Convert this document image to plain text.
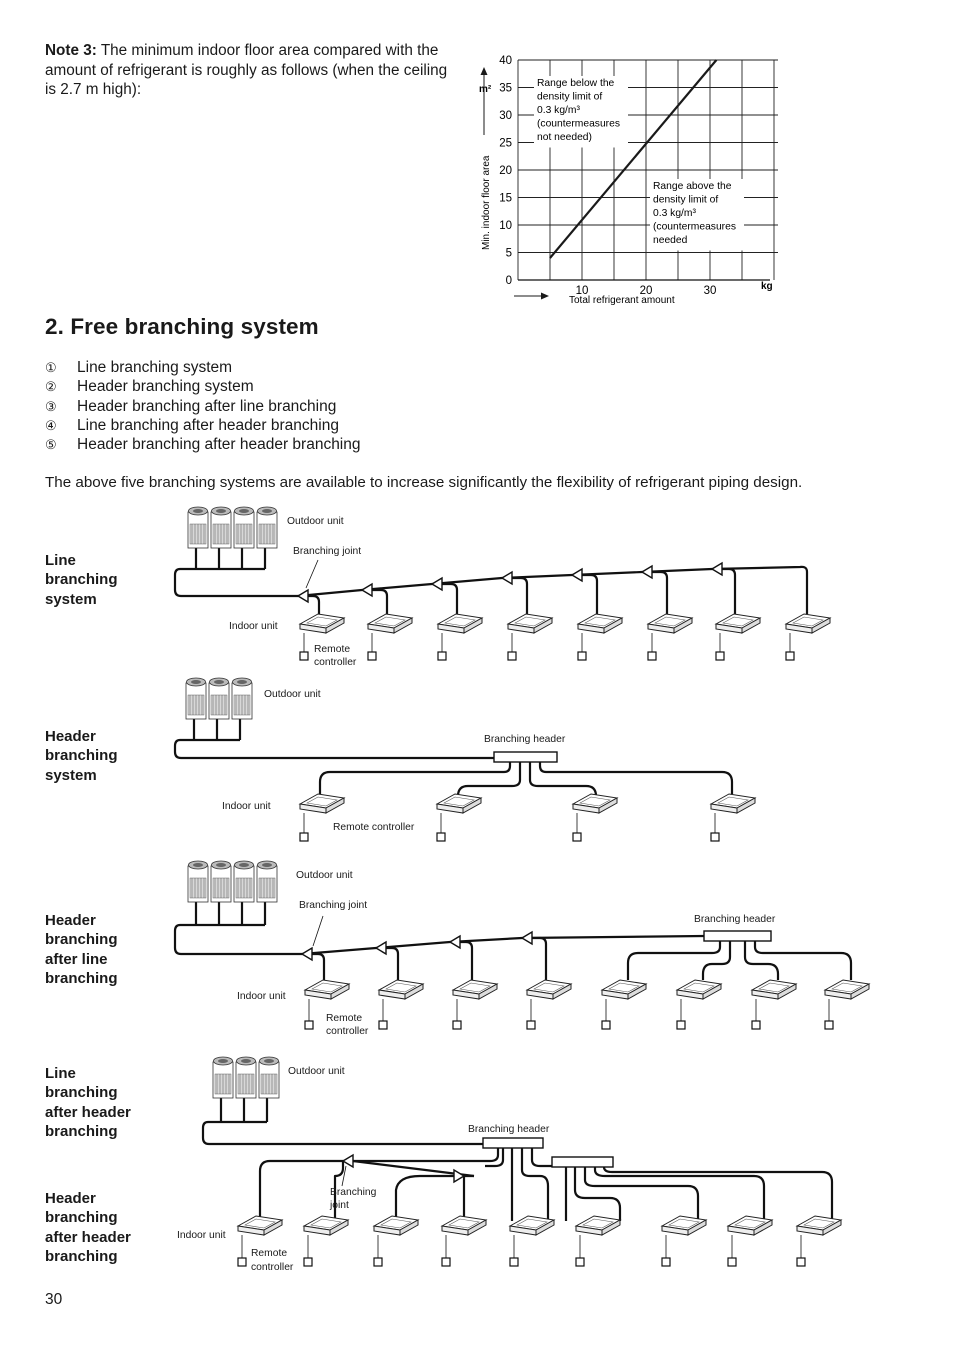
Note 3: The minimum indoor floor area compared with the amount of refrigerant is roughly as follows (when the ceiling is 2.7 m high):
0
5
10
15
20
25
30
35
40
10	20	30
m²
Min. indoor floor area
kg
Total refrigerant amount
Range below the
density limit of
0.3 kg/m³
(countermeasures
not needed)
Range above the
density limit of
0.3 kg/m³
(countermeasures
needed
2. Free branching system
①	Line branching system
②	Header branching system
③	Header branching after line branching
④	Line branching after header branching
⑤	Header branching after header branching
The above five branching systems are available to increase significantly the flexibility of refrigerant piping design.
Line
branching
system
Header
branching
system
Header
branching
after line
branching
Line
branching
after header
branching
Header
branching
after header
branching
Outdoor unit
Branching joint
Indoor unit
Remote
controller
Outdoor unit
Branching header
Indoor unit
Remote controller
Outdoor unit
Branching joint
Branching header
Indoor unit
Remote
controller
Outdoor unit
Branching header
Branching
joint
Indoor unit
Remote
controller
30
